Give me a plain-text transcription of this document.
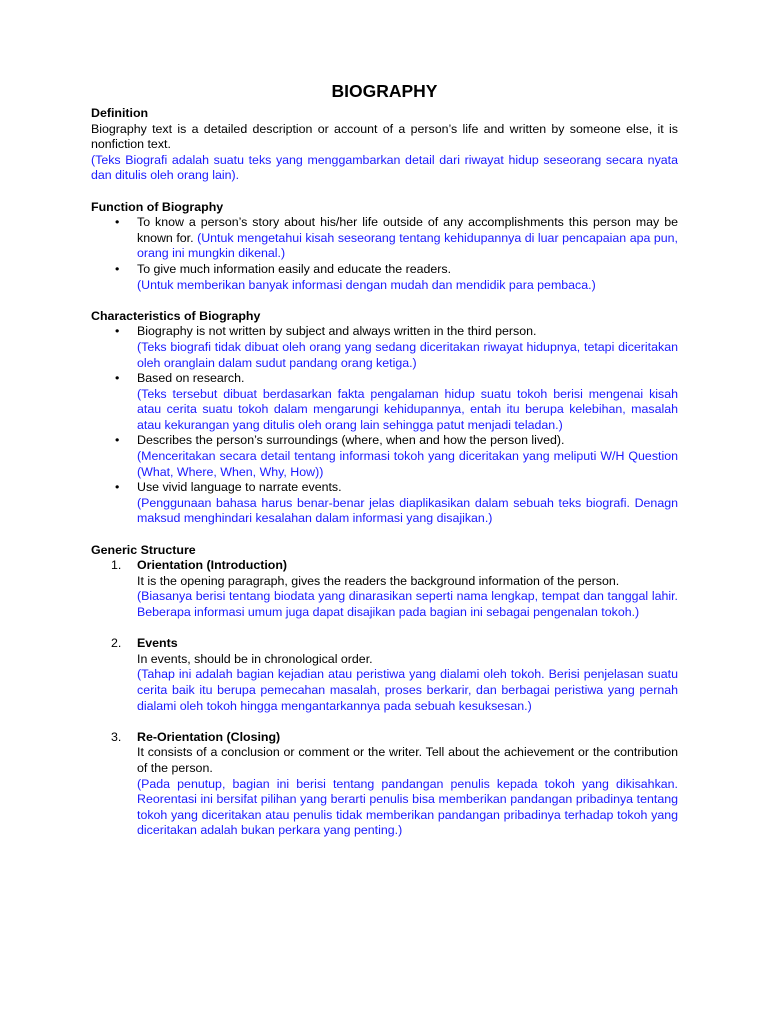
BIOGRAPHY
Definition

Biography text is a detailed description or account of a person’s life and written by someone else, it is nonfiction text.

(Teks Biografi adalah suatu teks yang menggambarkan detail dari riwayat hidup seseorang secara nyata dan ditulis oleh orang lain).

Function of Biography
• To know a person’s story about his/her life outside of any accomplishments this person may be known for. (Untuk mengetahui kisah seseorang tentang kehidupannya di luar pencapaian apa pun, orang ini mungkin dikenal.)
• To give much information easily and educate the readers.
(Untuk memberikan banyak informasi dengan mudah dan mendidik para pembaca.)
Characteristics of Biography
• Biography is not written by subject and always written in the third person.
(Teks biografi tidak dibuat oleh orang yang sedang diceritakan riwayat hidupnya, tetapi diceritakan oleh oranglain dalam sudut pandang orang ketiga.)
• Based on research.
(Teks tersebut dibuat berdasarkan fakta pengalaman hidup suatu tokoh berisi mengenai kisah atau cerita suatu tokoh dalam mengarungi kehidupannya, entah itu berupa kelebihan, masalah atau kekurangan yang ditulis oleh orang lain sehingga patut menjadi teladan.)
• Describes the person’s surroundings (where, when and how the person lived).
(Menceritakan secara detail tentang informasi tokoh yang diceritakan yang meliputi W/H Question (What, Where, When, Why, How))
• Use vivid language to narrate events.
(Penggunaan bahasa harus benar-benar jelas diaplikasikan dalam sebuah teks biografi. Denagn maksud menghindari kesalahan dalam informasi yang disajikan.)
Generic Structure
1. Orientation (Introduction)

It is the opening paragraph, gives the readers the background information of the person.

(Biasanya berisi tentang biodata yang dinarasikan seperti nama lengkap, tempat dan tanggal lahir. Beberapa informasi umum juga dapat disajikan pada bagian ini sebagai pengenalan tokoh.)

2. Events

In events, should be in chronological order.

(Tahap ini adalah bagian kejadian atau peristiwa yang dialami oleh tokoh. Berisi penjelasan suatu cerita baik itu berupa pemecahan masalah, proses berkarir, dan berbagai peristiwa yang pernah dialami oleh tokoh hingga mengantarkannya pada sebuah kesuksesan.)

3. Re-Orientation (Closing)

It consists of a conclusion or comment or the writer. Tell about the achievement or the contribution of the person.

(Pada penutup, bagian ini berisi tentang pandangan penulis kepada tokoh yang dikisahkan. Reorentasi ini bersifat pilihan yang berarti penulis bisa memberikan pandangan pribadinya tentang tokoh yang diceritakan atau penulis tidak memberikan pandangan pribadinya terhadap tokoh yang diceritakan adalah bukan perkara yang penting.)
